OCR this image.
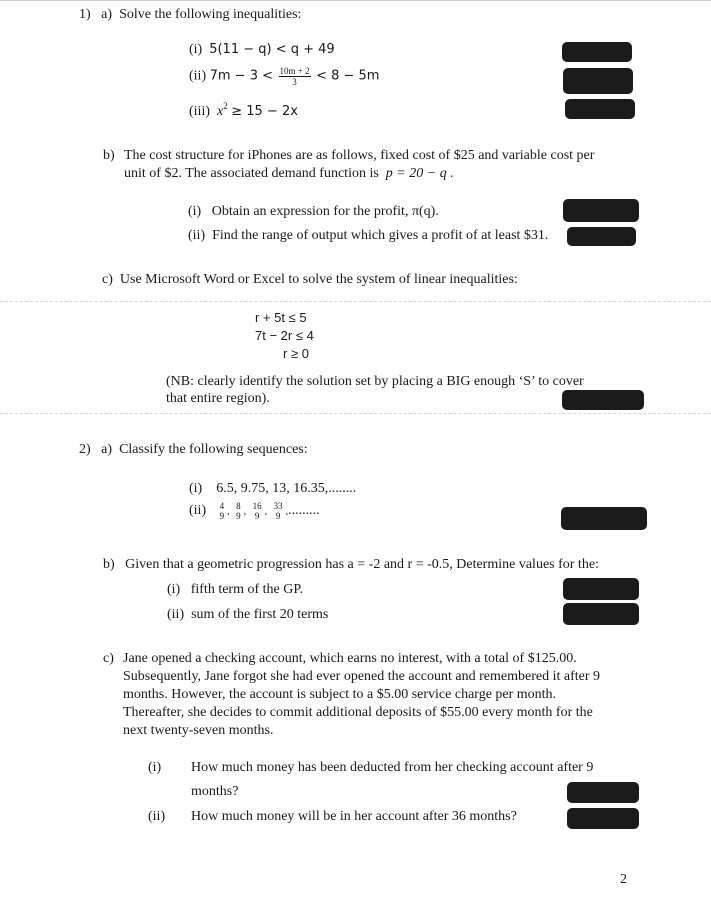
1) a) Solve the following inequalities:
(i) 5(11 − q) < q + 49
(ii) $7m - 3 < \frac{10m + 2}{3} < 8 - 5m$
(iii) $x^2 \ge 15 - 2x$
b) The cost structure for iPhones are as follows, fixed cost of $25 and variable cost per
unit of $2. The associated demand function is p = 20 − q .
(i) Obtain an expression for the profit, π(q).
(ii) Find the range of output which gives a profit of at least $31.
c) Use Microsoft Word or Excel to solve the system of linear inequalities:
r + 5t ≤ 5
7t − 2r ≤ 4
r ≥ 0
(NB: clearly identify the solution set by placing a BIG enough ‘S’ to cover
that entire region).
2) a) Classify the following sequences:
(i) 6.5, 9.75, 13, 16.35,........
(ii) 4
9 ,
8
9 ,
16
9 ,
33
9 ,.........
b) Given that a geometric progression has a = -2 and r = -0.5, Determine values for the:
(i) fifth term of the GP.
(ii) sum of the first 20 terms
c) Jane opened a checking account, which earns no interest, with a total of $125.00.
Subsequently, Jane forgot she had ever opened the account and remembered it after 9
months. However, the account is subject to a $5.00 service charge per month.
Thereafter, she decides to commit additional deposits of $55.00 every month for the
next twenty-seven months.
(i) How much money has been deducted from her checking account after 9
months?
(ii) How much money will be in her account after 36 months?
2
